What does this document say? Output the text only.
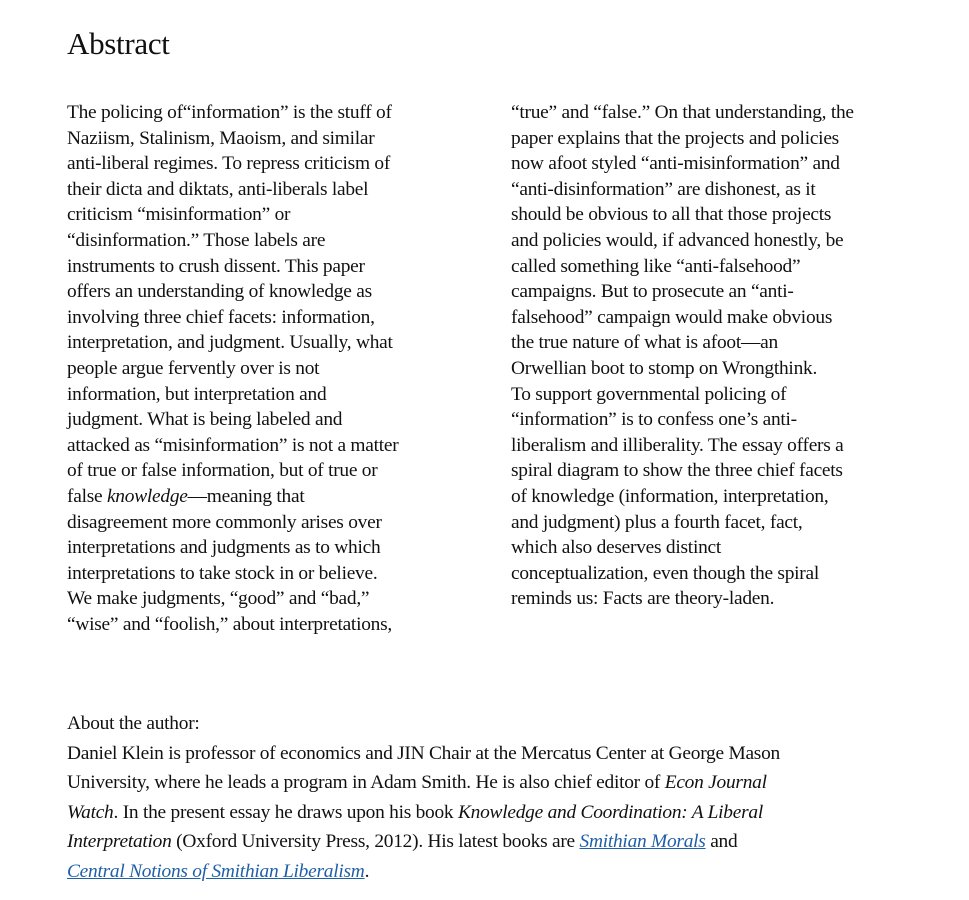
Abstract
The policing of“information” is the stuff of
Naziism, Stalinism, Maoism, and similar
anti-liberal regimes. To repress criticism of
their dicta and diktats, anti-liberals label
criticism “misinformation” or
“disinformation.” Those labels are
instruments to crush dissent. This paper
offers an understanding of knowledge as
involving three chief facets: information,
interpretation, and judgment. Usually, what
people argue fervently over is not
information, but interpretation and
judgment. What is being labeled and
attacked as “misinformation” is not a matter
of true or false information, but of true or
false knowledge—meaning that
disagreement more commonly arises over
interpretations and judgments as to which
interpretations to take stock in or believe.
We make judgments, “good” and “bad,”
“wise” and “foolish,” about interpretations,
“true” and “false.” On that understanding, the
paper explains that the projects and policies
now afoot styled “anti-misinformation” and
“anti-disinformation” are dishonest, as it
should be obvious to all that those projects
and policies would, if advanced honestly, be
called something like “anti-falsehood”
campaigns. But to prosecute an “anti-
falsehood” campaign would make obvious
the true nature of what is afoot—an
Orwellian boot to stomp on Wrongthink.
To support governmental policing of
“information” is to confess one’s anti-
liberalism and illiberality. The essay offers a
spiral diagram to show the three chief facets
of knowledge (information, interpretation,
and judgment) plus a fourth facet, fact,
which also deserves distinct
conceptualization, even though the spiral
reminds us: Facts are theory-laden.
About the author:
Daniel Klein is professor of economics and JIN Chair at the Mercatus Center at George Mason
University, where he leads a program in Adam Smith. He is also chief editor of Econ Journal
Watch. In the present essay he draws upon his book Knowledge and Coordination: A Liberal
Interpretation (Oxford University Press, 2012). His latest books are Smithian Morals and
Central Notions of Smithian Liberalism.
